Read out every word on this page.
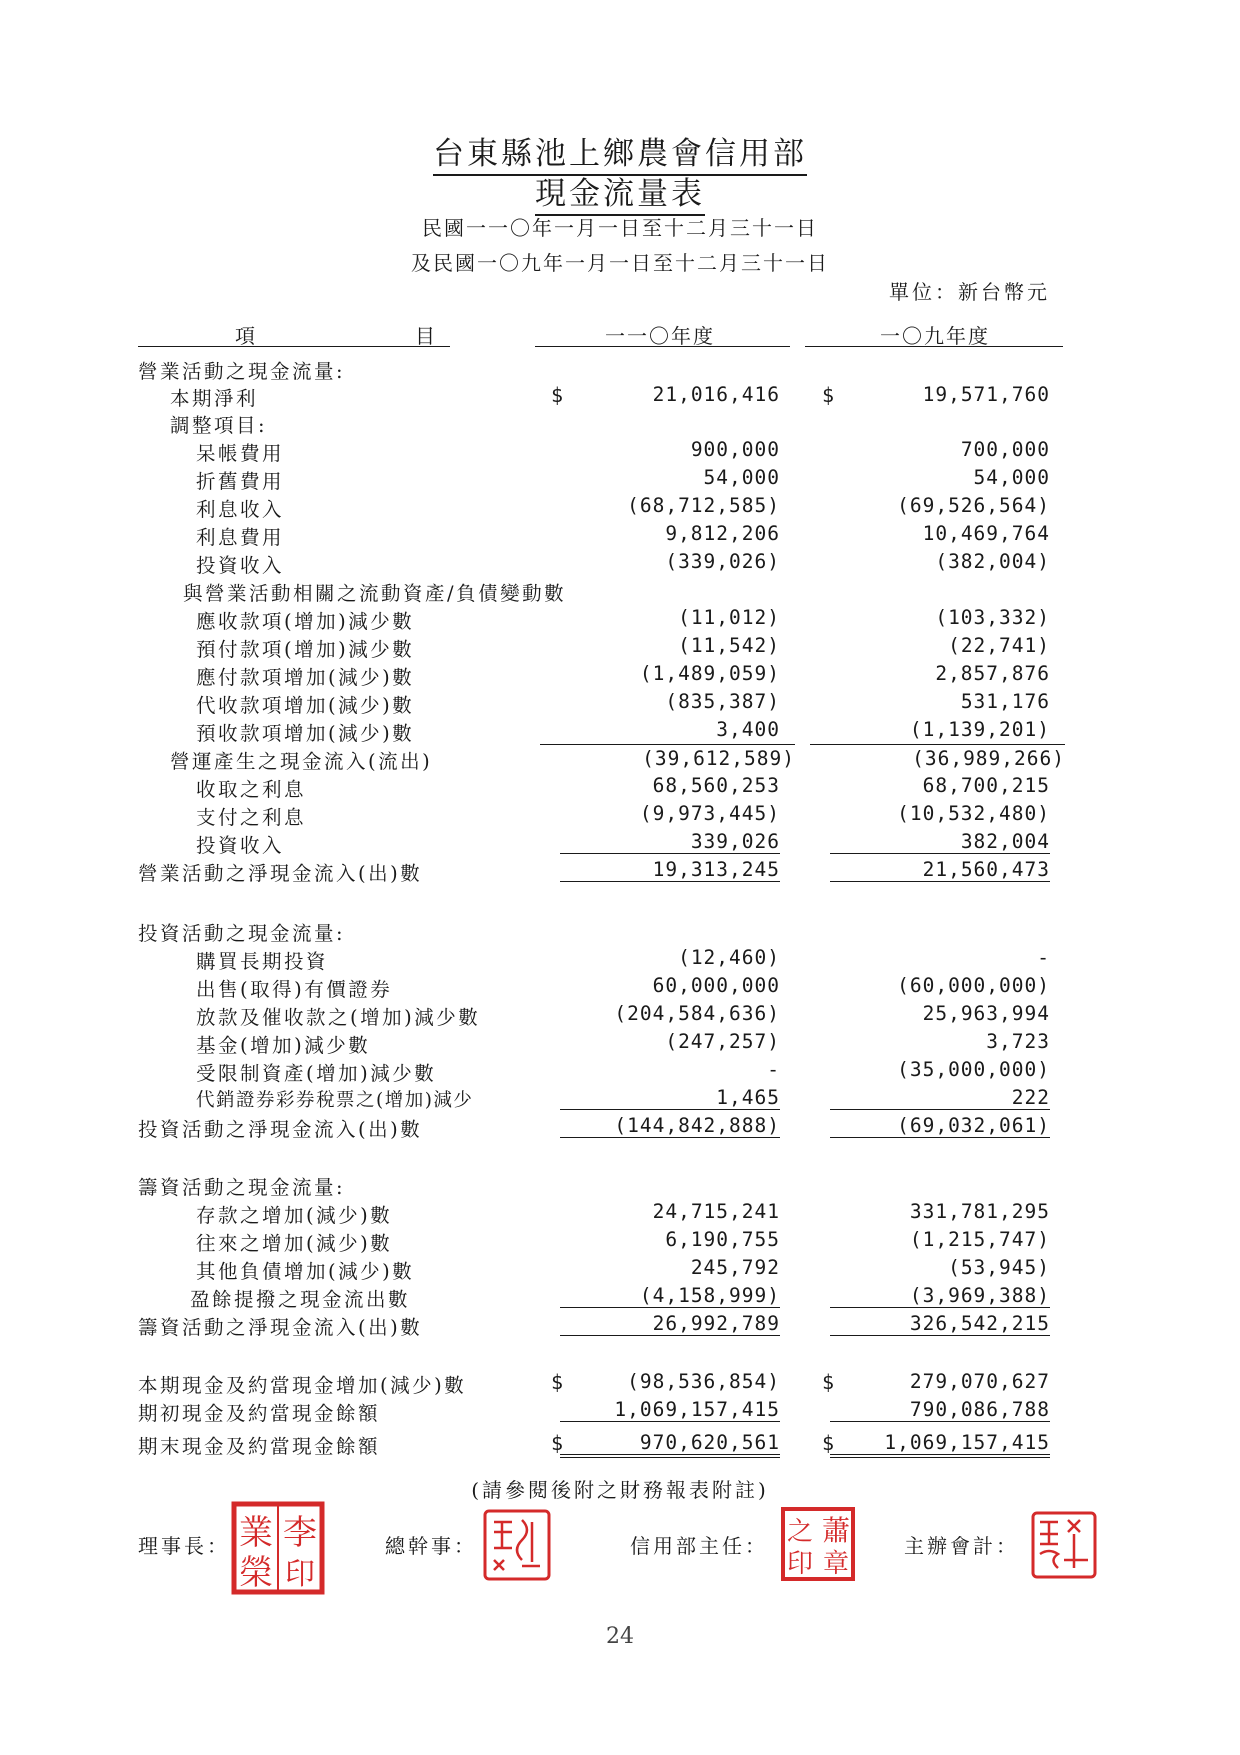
台東縣池上鄉農會信用部
現金流量表
民國一一〇年一月一日至十二月三十一日
及民國一〇九年一月一日至十二月三十一日
單位：新台幣元
項	目	一一〇年度	一〇九年度
營業活動之現金流量:
本期淨利	$	21,016,416 $	19,571,760
調整項目:
呆帳費用	900,000	700,000
折舊費用	54,000	54,000
利息收入	(68,712,585)	(69,526,564)
利息費用	9,812,206	10,469,764
投資收入	(339,026)	(382,004)
與營業活動相關之流動資產/負債變動數
應收款項(增加)減少數	(11,012)	(103,332)
預付款項(增加)減少數	(11,542)	(22,741)
應付款項增加(減少)數	(1,489,059)	2,857,876
代收款項增加(減少)數	(835,387)	531,176
預收款項增加(減少)數	3,400	(1,139,201)
營運產生之現金流入(流出)	(39,612,589)	(36,989,266)
收取之利息	68,560,253	68,700,215
支付之利息	(9,973,445)	(10,532,480)
投資收入	339,026	382,004
營業活動之淨現金流入(出)數	19,313,245	21,560,473
投資活動之現金流量:
購買長期投資	(12,460)	-
出售(取得)有價證券	60,000,000	(60,000,000)
放款及催收款之(增加)減少數	(204,584,636)	25,963,994
基金(增加)減少數	(247,257)	3,723
受限制資產(增加)減少數	-	(35,000,000)
代銷證券彩券稅票之(增加)減少	1,465	222
投資活動之淨現金流入(出)數	(144,842,888)	(69,032,061)
籌資活動之現金流量:
存款之增加(減少)數	24,715,241	331,781,295
往來之增加(減少)數	6,190,755	(1,215,747)
其他負債增加(減少)數	245,792	(53,945)
盈餘提撥之現金流出數	(4,158,999)	(3,969,388)
籌資活動之淨現金流入(出)數	26,992,789	326,542,215
本期現金及約當現金增加(減少)數	$	(98,536,854) $	279,070,627
期初現金及約當現金餘額	1,069,157,415	790,086,788
期末現金及約當現金餘額	$	970,620,561 $	1,069,157,415
(請參閱後附之財務報表附註)
理事長： 李
業
榮 印
總幹事：	信用部主任： 蕭
之
印 章
主辦會計：
24
